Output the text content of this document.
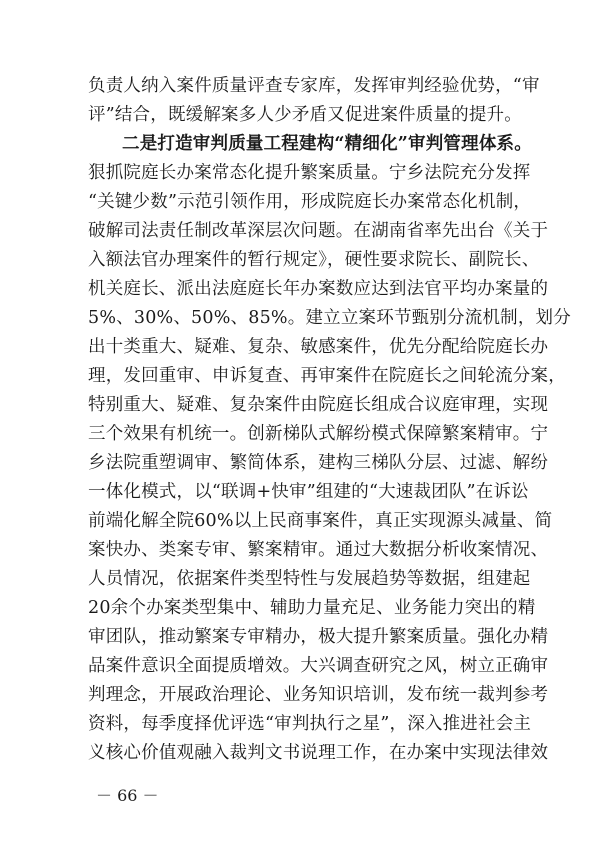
负责人纳入案件质量评查专家库，发挥审判经验优势，“审
评”结合，既缓解案多人少矛盾又促进案件质量的提升。
二是打造审判质量工程建构“精细化”审判管理体系。
狠抓院庭长办案常态化提升繁案质量。宁乡法院充分发挥
“关键少数”示范引领作用，形成院庭长办案常态化机制，
破解司法责任制改革深层次问题。在湖南省率先出台《关于
入额法官办理案件的暂行规定》，硬性要求院长、副院长、
机关庭长、派出法庭庭长年办案数应达到法官平均办案量的
5%、30%、50%、85%。建立立案环节甄别分流机制，划分
出十类重大、疑难、复杂、敏感案件，优先分配给院庭长办
理，发回重审、申诉复查、再审案件在院庭长之间轮流分案，
特别重大、疑难、复杂案件由院庭长组成合议庭审理，实现
三个效果有机统一。创新梯队式解纷模式保障繁案精审。宁
乡法院重塑调审、繁简体系，建构三梯队分层、过滤、解纷
一体化模式，以“联调+快审”组建的“大速裁团队”在诉讼
前端化解全院60%以上民商事案件，真正实现源头减量、简
案快办、类案专审、繁案精审。通过大数据分析收案情况、
人员情况，依据案件类型特性与发展趋势等数据，组建起
20余个办案类型集中、辅助力量充足、业务能力突出的精
审团队，推动繁案专审精办，极大提升繁案质量。强化办精
品案件意识全面提质增效。大兴调查研究之风，树立正确审
判理念，开展政治理论、业务知识培训，发布统一裁判参考
资料，每季度择优评选“审判执行之星”，深入推进社会主
义核心价值观融入裁判文书说理工作，在办案中实现法律效
－ 66 －
